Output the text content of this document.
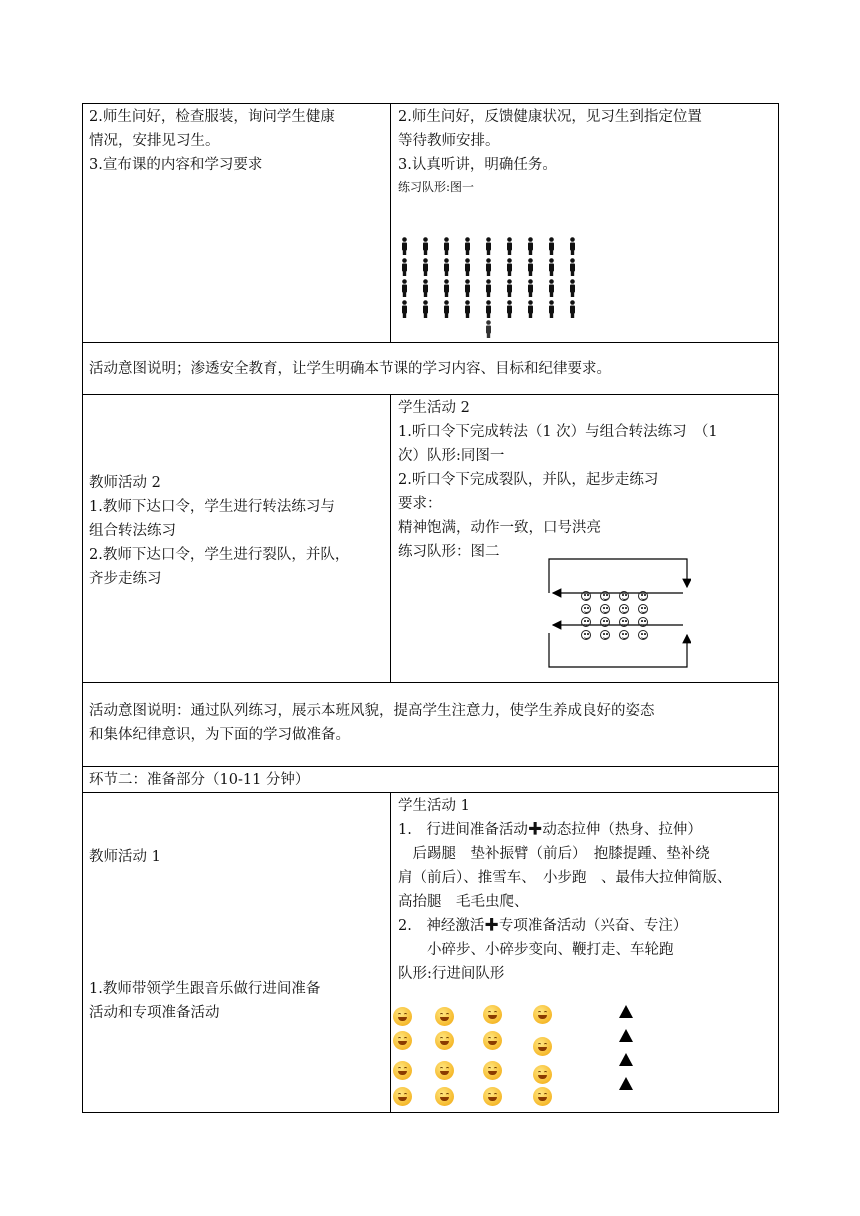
2.师生问好，检查服装，询问学生健康
情况，安排见习生。
3.宣布课的内容和学习要求
2.师生问好，反馈健康状况，见习生到指定位置
等待教师安排。
3.认真听讲，明确任务。
练习队形:图一
活动意图说明；渗透安全教育，让学生明确本节课的学习内容、目标和纪律要求。
教师活动 2
1.教师下达口令，学生进行转法练习与
组合转法练习
2.教师下达口令，学生进行裂队，并队，
齐步走练习
学生活动 2
1.听口令下完成转法（1 次）与组合转法练习　（1
次）队形:同图一
2.听口令下完成裂队，并队，起步走练习
要求：
精神饱满，动作一致，口号洪亮
练习队形：图二
活动意图说明：通过队列练习，展示本班风貌，提高学生注意力，使学生养成良好的姿态
和集体纪律意识，为下面的学习做准备。
环节二：准备部分（10-11 分钟）
教师活动 1
1.教师带领学生跟音乐做行进间准备
活动和专项准备活动
学生活动 1
1.　行进间准备活动✚动态拉伸（热身、拉伸）
　后踢腿　垫补振臂（前后）　抱膝提踵、垫补绕
肩（前后）、推雪车、　小步跑　、最伟大拉伸简版、
高抬腿　毛毛虫爬、
2.　神经激活✚专项准备活动（兴奋、专注）
　　小碎步、小碎步变向、鞭打走、车轮跑
队形:行进间队形
